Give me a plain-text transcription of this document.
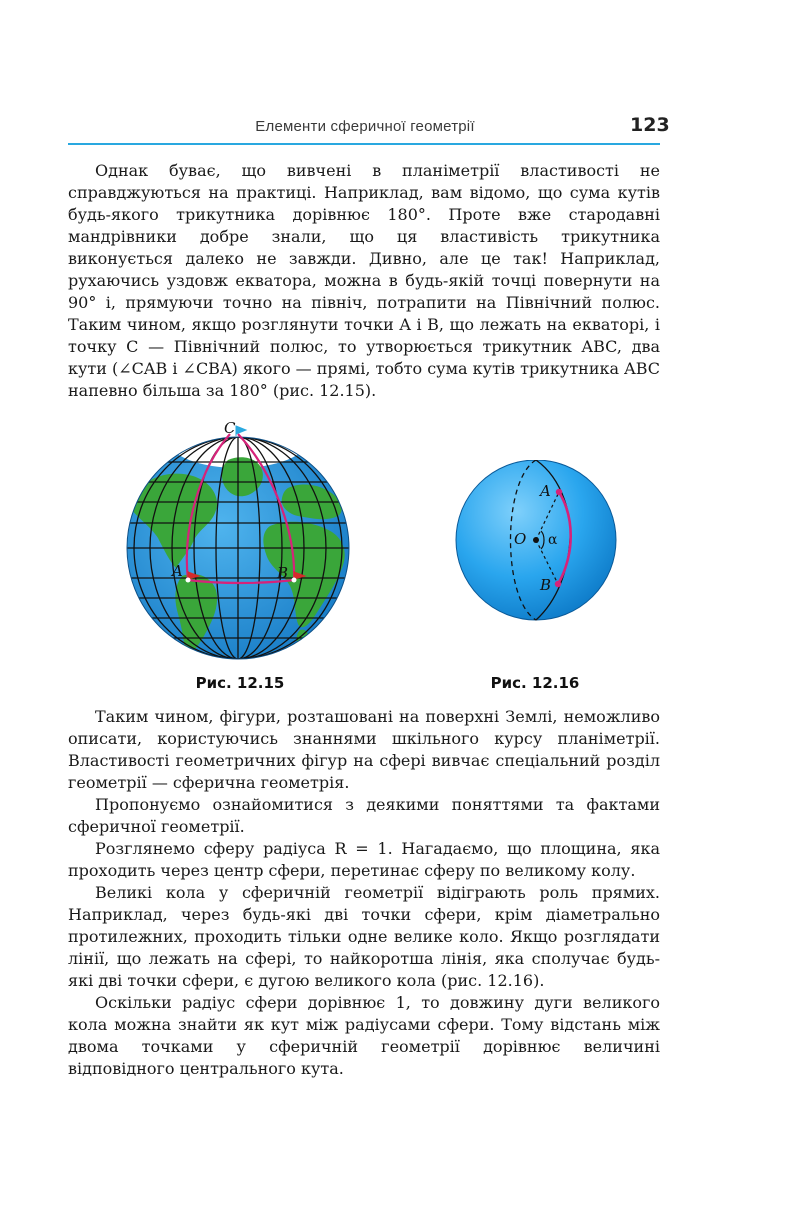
Елементи сферичної геометрії	123

Однак буває, що вивчені в планіметрії властивості не справджуються на практиці. Наприклад, вам відомо, що сума кутів будь-якого трикутника дорівнює 180°. Проте вже стародавні мандрівники добре знали, що ця властивість трикутника виконується далеко не завжди. Дивно, але це так! Наприклад, рухаючись уздовж екватора, можна в будь-якій точці повернути на 90° і, прямуючи точно на північ, потрапити на Північний полюс. Таким чином, якщо розглянути точки A і B, що лежать на екваторі, і точку C — Північний полюс, то утворюється трикутник ABC, два кути (∠CAB і ∠CBA) якого — прямі, тобто сума кутів трикутника ABC напевно більша за 180° (рис. 12.15).

C
A	B
Рис. 12.15
A
B
O α
Рис. 12.16

Таким чином, фігури, розташовані на поверхні Землі, неможливо описати, користуючись знаннями шкільного курсу планіметрії. Властивості геометричних фігур на сфері вивчає спеціальний розділ геометрії — сферична геометрія.

Пропонуємо ознайомитися з деякими поняттями та фактами сферичної геометрії.

Розглянемо сферу радіуса R = 1. Нагадаємо, що площина, яка проходить через центр сфери, перетинає сферу по великому колу.

Великі кола у сферичній геометрії відіграють роль прямих. Наприклад, через будь-які дві точки сфери, крім діаметрально протилежних, проходить тільки одне велике коло. Якщо розглядати лінії, що лежать на сфері, то найкоротша лінія, яка сполучає будь-які дві точки сфери, є дугою великого кола (рис. 12.16).

Оскільки радіус сфери дорівнює 1, то довжину дуги великого кола можна знайти як кут між радіусами сфери. Тому відстань між двома точками у сферичній геометрії дорівнює величині відповідного центрального кута.
